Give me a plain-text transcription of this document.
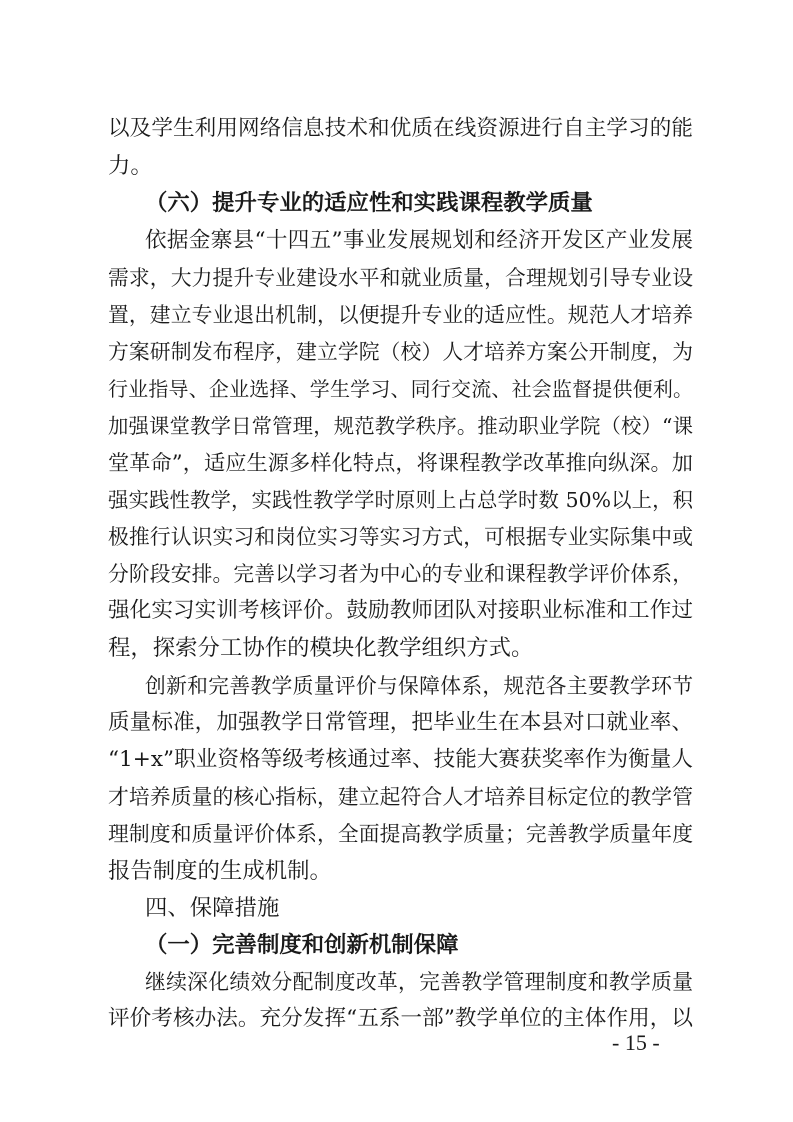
以及学生利用网络信息技术和优质在线资源进行自主学习的能
力。
（六）提升专业的适应性和实践课程教学质量
依据金寨县“十四五”事业发展规划和经济开发区产业发展
需求，大力提升专业建设水平和就业质量，合理规划引导专业设
置，建立专业退出机制，以便提升专业的适应性。规范人才培养
方案研制发布程序，建立学院（校）人才培养方案公开制度，为
行业指导、企业选择、学生学习、同行交流、社会监督提供便利。
加强课堂教学日常管理，规范教学秩序。推动职业学院（校）“课
堂革命”，适应生源多样化特点，将课程教学改革推向纵深。加
强实践性教学，实践性教学学时原则上占总学时数 50%以上，积
极推行认识实习和岗位实习等实习方式，可根据专业实际集中或
分阶段安排。完善以学习者为中心的专业和课程教学评价体系，
强化实习实训考核评价。鼓励教师团队对接职业标准和工作过
程，探索分工协作的模块化教学组织方式。
创新和完善教学质量评价与保障体系，规范各主要教学环节
质量标准，加强教学日常管理，把毕业生在本县对口就业率、
“1+x”职业资格等级考核通过率、技能大赛获奖率作为衡量人
才培养质量的核心指标，建立起符合人才培养目标定位的教学管
理制度和质量评价体系，全面提高教学质量；完善教学质量年度
报告制度的生成机制。
四、保障措施
（一）完善制度和创新机制保障
继续深化绩效分配制度改革，完善教学管理制度和教学质量
评价考核办法。充分发挥“五系一部”教学单位的主体作用，以
- 15 -
